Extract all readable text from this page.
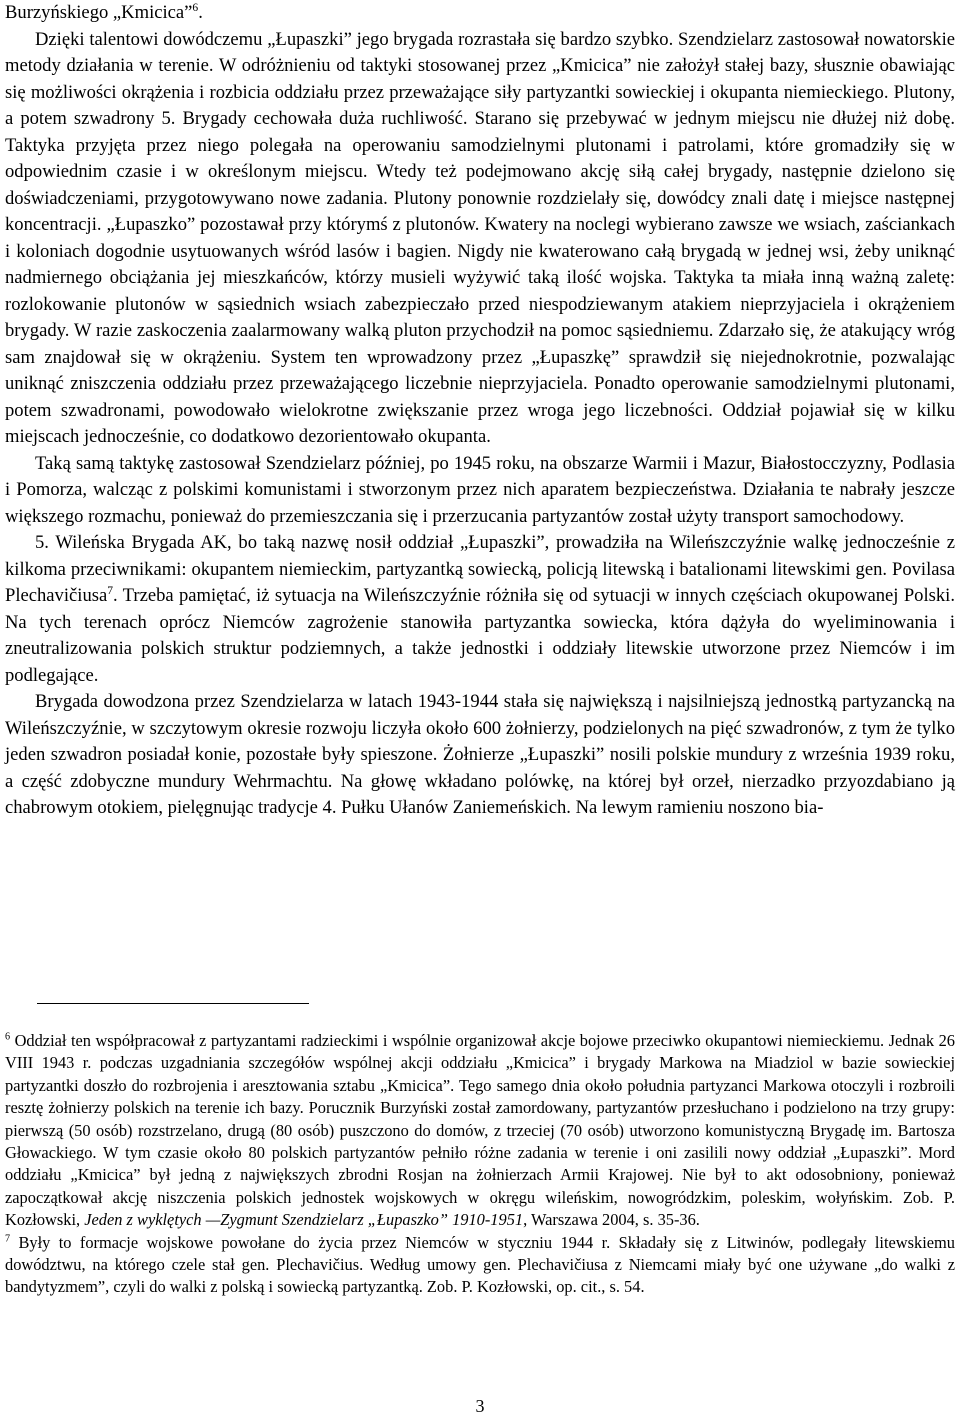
Burzyńskiego „Kmicica”$^6$.

Dzięki talentowi dowódczemu „Łupaszki” jego brygada rozrastała się bardzo szybko. Szendzielarz zastosował nowatorskie metody działania w terenie. W odróżnieniu od taktyki stosowanej przez „Kmicica” nie założył stałej bazy, słusznie obawiając się możliwości okrążenia i rozbicia oddziału przez przeważające siły partyzantki sowieckiej i okupanta niemieckiego. Plutony, a potem szwadrony 5. Brygady cechowała duża ruchliwość. Starano się przebywać w jednym miejscu nie dłużej niż dobę. Taktyka przyjęta przez niego polegała na operowaniu samodzielnymi plutonami i patrolami, które gromadziły się w odpowiednim czasie i w określonym miejscu. Wtedy też podejmowano akcję siłą całej brygady, następnie dzielono się doświadczeniami, przygotowywano nowe zadania. Plutony ponownie rozdzielały się, dowódcy znali datę i miejsce następnej koncentracji. „Łupaszko” pozostawał przy którymś z plutonów. Kwatery na noclegi wybierano zawsze we wsiach, zaściankach i koloniach dogodnie usytuowanych wśród lasów i bagien. Nigdy nie kwaterowano całą brygadą w jednej wsi, żeby uniknąć nadmiernego obciążania jej mieszkańców, którzy musieli wyżywić taką ilość wojska. Taktyka ta miała inną ważną zaletę: rozlokowanie plutonów w sąsiednich wsiach zabezpieczało przed niespodziewanym atakiem nieprzyjaciela i okrążeniem brygady. W razie zaskoczenia zaalarmowany walką pluton przychodził na pomoc sąsiedniemu. Zdarzało się, że atakujący wróg sam znajdował się w okrążeniu. System ten wprowadzony przez „Łupaszkę” sprawdził się niejednokrotnie, pozwalając uniknąć zniszczenia oddziału przez przeważającego liczebnie nieprzyjaciela. Ponadto operowanie samodzielnymi plutonami, potem szwadronami, powodowało wielokrotne zwiększanie przez wroga jego liczebności. Oddział pojawiał się w kilku miejscach jednocześnie, co dodatkowo dezorientowało okupanta.

Taką samą taktykę zastosował Szendzielarz później, po 1945 roku, na obszarze Warmii i Mazur, Białostocczyzny, Podlasia i Pomorza, walcząc z polskimi komunistami i stworzonym przez nich aparatem bezpieczeństwa. Działania te nabrały jeszcze większego rozmachu, ponieważ do przemieszczania się i przerzucania partyzantów został użyty transport samochodowy.

5. Wileńska Brygada AK, bo taką nazwę nosił oddział „Łupaszki”, prowadziła na Wileńszczyźnie walkę jednocześnie z kilkoma przeciwnikami: okupantem niemieckim, partyzantką sowiecką, policją litewską i batalionami litewskimi gen. Povilasa Plechavičiusa$^7$. Trzeba pamiętać, iż sytuacja na Wileńszczyźnie różniła się od sytuacji w innych częściach okupowanej Polski. Na tych terenach oprócz Niemców zagrożenie stanowiła partyzantka sowiecka, która dążyła do wyeliminowania i zneutralizowania polskich struktur podziemnych, a także jednostki i oddziały litewskie utworzone przez Niemców i im podlegające.

Brygada dowodzona przez Szendzielarza w latach 1943-1944 stała się największą i najsilniejszą jednostką partyzancką na Wileńszczyźnie, w szczytowym okresie rozwoju liczyła około 600 żołnierzy, podzielonych na pięć szwadronów, z tym że tylko jeden szwadron posiadał konie, pozostałe były spieszone. Żołnierze „Łupaszki” nosili polskie mundury z września 1939 roku, a część zdobyczne mundury Wehrmachtu. Na głowę wkładano polówkę, na której był orzeł, nierzadko przyozdabiano ją chabrowym otokiem, pielęgnując tradycje 4. Pułku Ułanów Zaniemeńskich. Na lewym ramieniu noszono bia-

$^6$ Oddział ten współpracował z partyzantami radzieckimi i wspólnie organizował akcje bojowe przeciwko okupantowi niemieckiemu. Jednak 26 VIII 1943 r. podczas uzgadniania szczegółów wspólnej akcji oddziału „Kmicica” i brygady Markowa na Miadziol w bazie sowieckiej partyzantki doszło do rozbrojenia i aresztowania sztabu „Kmicica”. Tego samego dnia około południa partyzanci Markowa otoczyli i rozbroili resztę żołnierzy polskich na terenie ich bazy. Porucznik Burzyński został zamordowany, partyzantów przesłuchano i podzielono na trzy grupy: pierwszą (50 osób) rozstrzelano, drugą (80 osób) puszczono do domów, z trzeciej (70 osób) utworzono komunistyczną Brygadę im. Bartosza Głowackiego. W tym czasie około 80 polskich partyzantów pełniło różne zadania w terenie i oni zasilili nowy oddział „Łupaszki”. Mord oddziału „Kmicica” był jedną z największych zbrodni Rosjan na żołnierzach Armii Krajowej. Nie był to akt odosobniony, ponieważ zapoczątkował akcję niszczenia polskich jednostek wojskowych w okręgu wileńskim, nowogródzkim, poleskim, wołyńskim. Zob. P. Kozłowski, Jeden z wyklętych —Zygmunt Szendzielarz „Łupaszko” 1910-1951, Warszawa 2004, s. 35-36.

$^7$ Były to formacje wojskowe powołane do życia przez Niemców w styczniu 1944 r. Składały się z Litwinów, podlegały litewskiemu dowództwu, na którego czele stał gen. Plechavičius. Według umowy gen. Plechavičiusa z Niemcami miały być one używane „do walki z bandytyzmem”, czyli do walki z polską i sowiecką partyzantką. Zob. P. Kozłowski, op. cit., s. 54.

3
